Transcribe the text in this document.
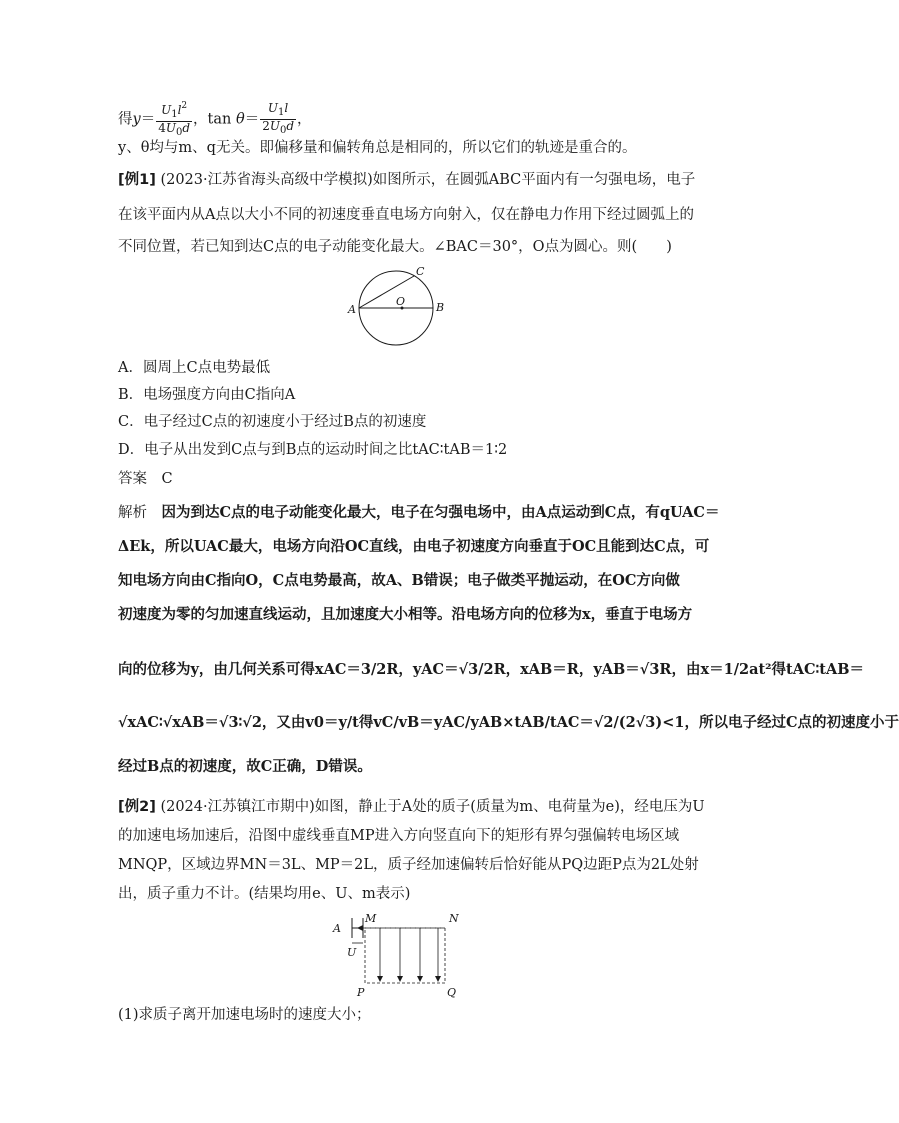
得$y= \frac{U_1l^2}{4U_0d}$ ，$\tan \theta= \frac{U_1l}{2U_0d}$ ，
y、θ均与m、q无关。即偏移量和偏转角总是相同的，所以它们的轨迹是重合的。
[例1] (2023·江苏省海头高级中学模拟)如图所示，在圆弧ABC平面内有一匀强电场，电子
在该平面内从A点以大小不同的初速度垂直电场方向射入，仅在静电力作用下经过圆弧上的
不同位置，若已知到达C点的电子动能变化最大。∠BAC＝30°，O点为圆心。则(　　)
A	B
C
O
A．圆周上C点电势最低
B．电场强度方向由C指向A
C．电子经过C点的初速度小于经过B点的初速度
D．电子从出发到C点与到B点的运动时间之比tAC∶tAB＝1∶2
答案　 C
解析　 因为到达C点的电子动能变化最大，电子在匀强电场中，由A点运动到C点，有qUAC＝
ΔEk，所以UAC最大，电场方向沿OC直线，由电子初速度方向垂直于OC且能到达C点，可
知电场方向由C指向O，C点电势最高，故A、B错误；电子做类平抛运动，在OC方向做
初速度为零的匀加速直线运动，且加速度大小相等。沿电场方向的位移为x，垂直于电场方
向的位移为y，由几何关系可得xAC＝3/2R，yAC＝√3/2R，xAB＝R，yAB＝√3R，由x＝1/2at²得tAC∶tAB＝
√xAC∶√xAB＝√3∶√2，又由v0＝y/t得vC/vB＝yAC/yAB×tAB/tAC＝√2/(2√3)<1，所以电子经过C点的初速度小于
经过B点的初速度，故C正确，D错误。
[例2] (2024·江苏镇江市期中)如图，静止于A处的质子(质量为m、电荷量为e)，经电压为U
的加速电场加速后，沿图中虚线垂直MP进入方向竖直向下的矩形有界匀强偏转电场区域
MNQP，区域边界MN＝3L、MP＝2L，质子经加速偏转后恰好能从PQ边距P点为2L处射
出，质子重力不计。(结果均用e、U、m表示)
A
M	N
U
P	Q
(1)求质子离开加速电场时的速度大小；
